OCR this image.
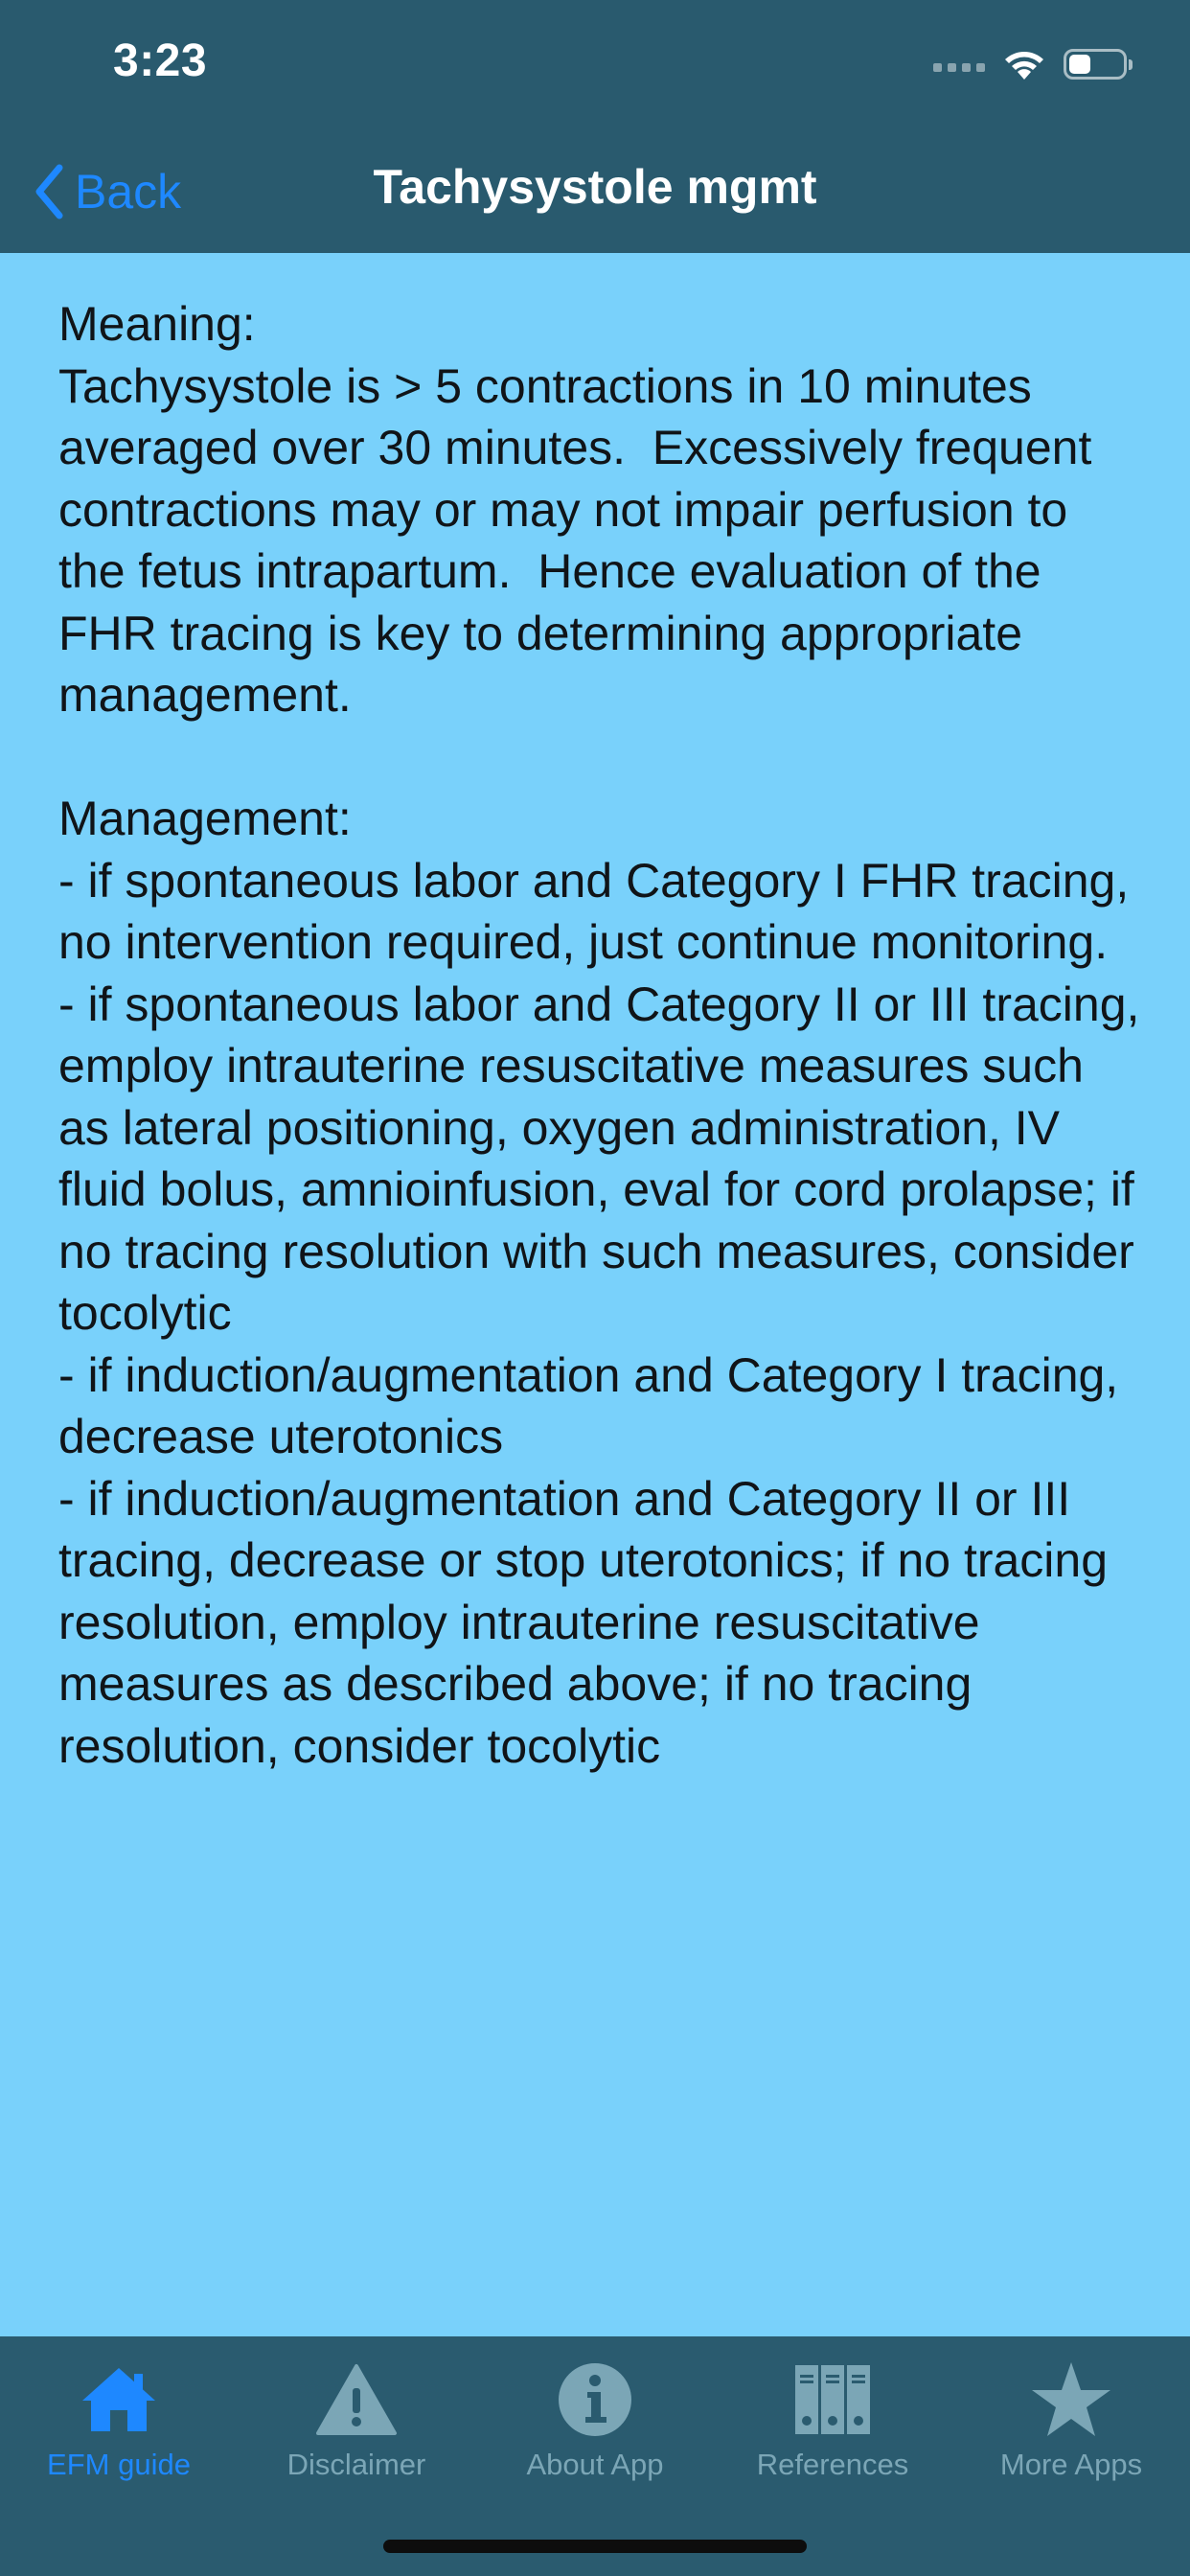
3:23
Back	Tachysystole mgmt

Meaning:
Tachysystole is > 5 contractions in 10 minutes averaged over 30 minutes.  Excessively frequent contractions may or may not impair perfusion to the fetus intrapartum.  Hence evaluation of the FHR tracing is key to determining appropriate management.

Management:
- if spontaneous labor and Category I FHR tracing, no intervention required, just continue monitoring.
- if spontaneous labor and Category II or III tracing, employ intrauterine resuscitative measures such as lateral positioning, oxygen administration, IV fluid bolus, amnioinfusion, eval for cord prolapse; if no tracing resolution with such measures, consider tocolytic
- if induction/augmentation and Category I tracing, decrease uterotonics
- if induction/augmentation and Category II or III tracing, decrease or stop uterotonics; if no tracing resolution, employ intrauterine resuscitative measures as described above; if no tracing resolution, consider tocolytic

EFM guide	Disclaimer	About App	References	More Apps
